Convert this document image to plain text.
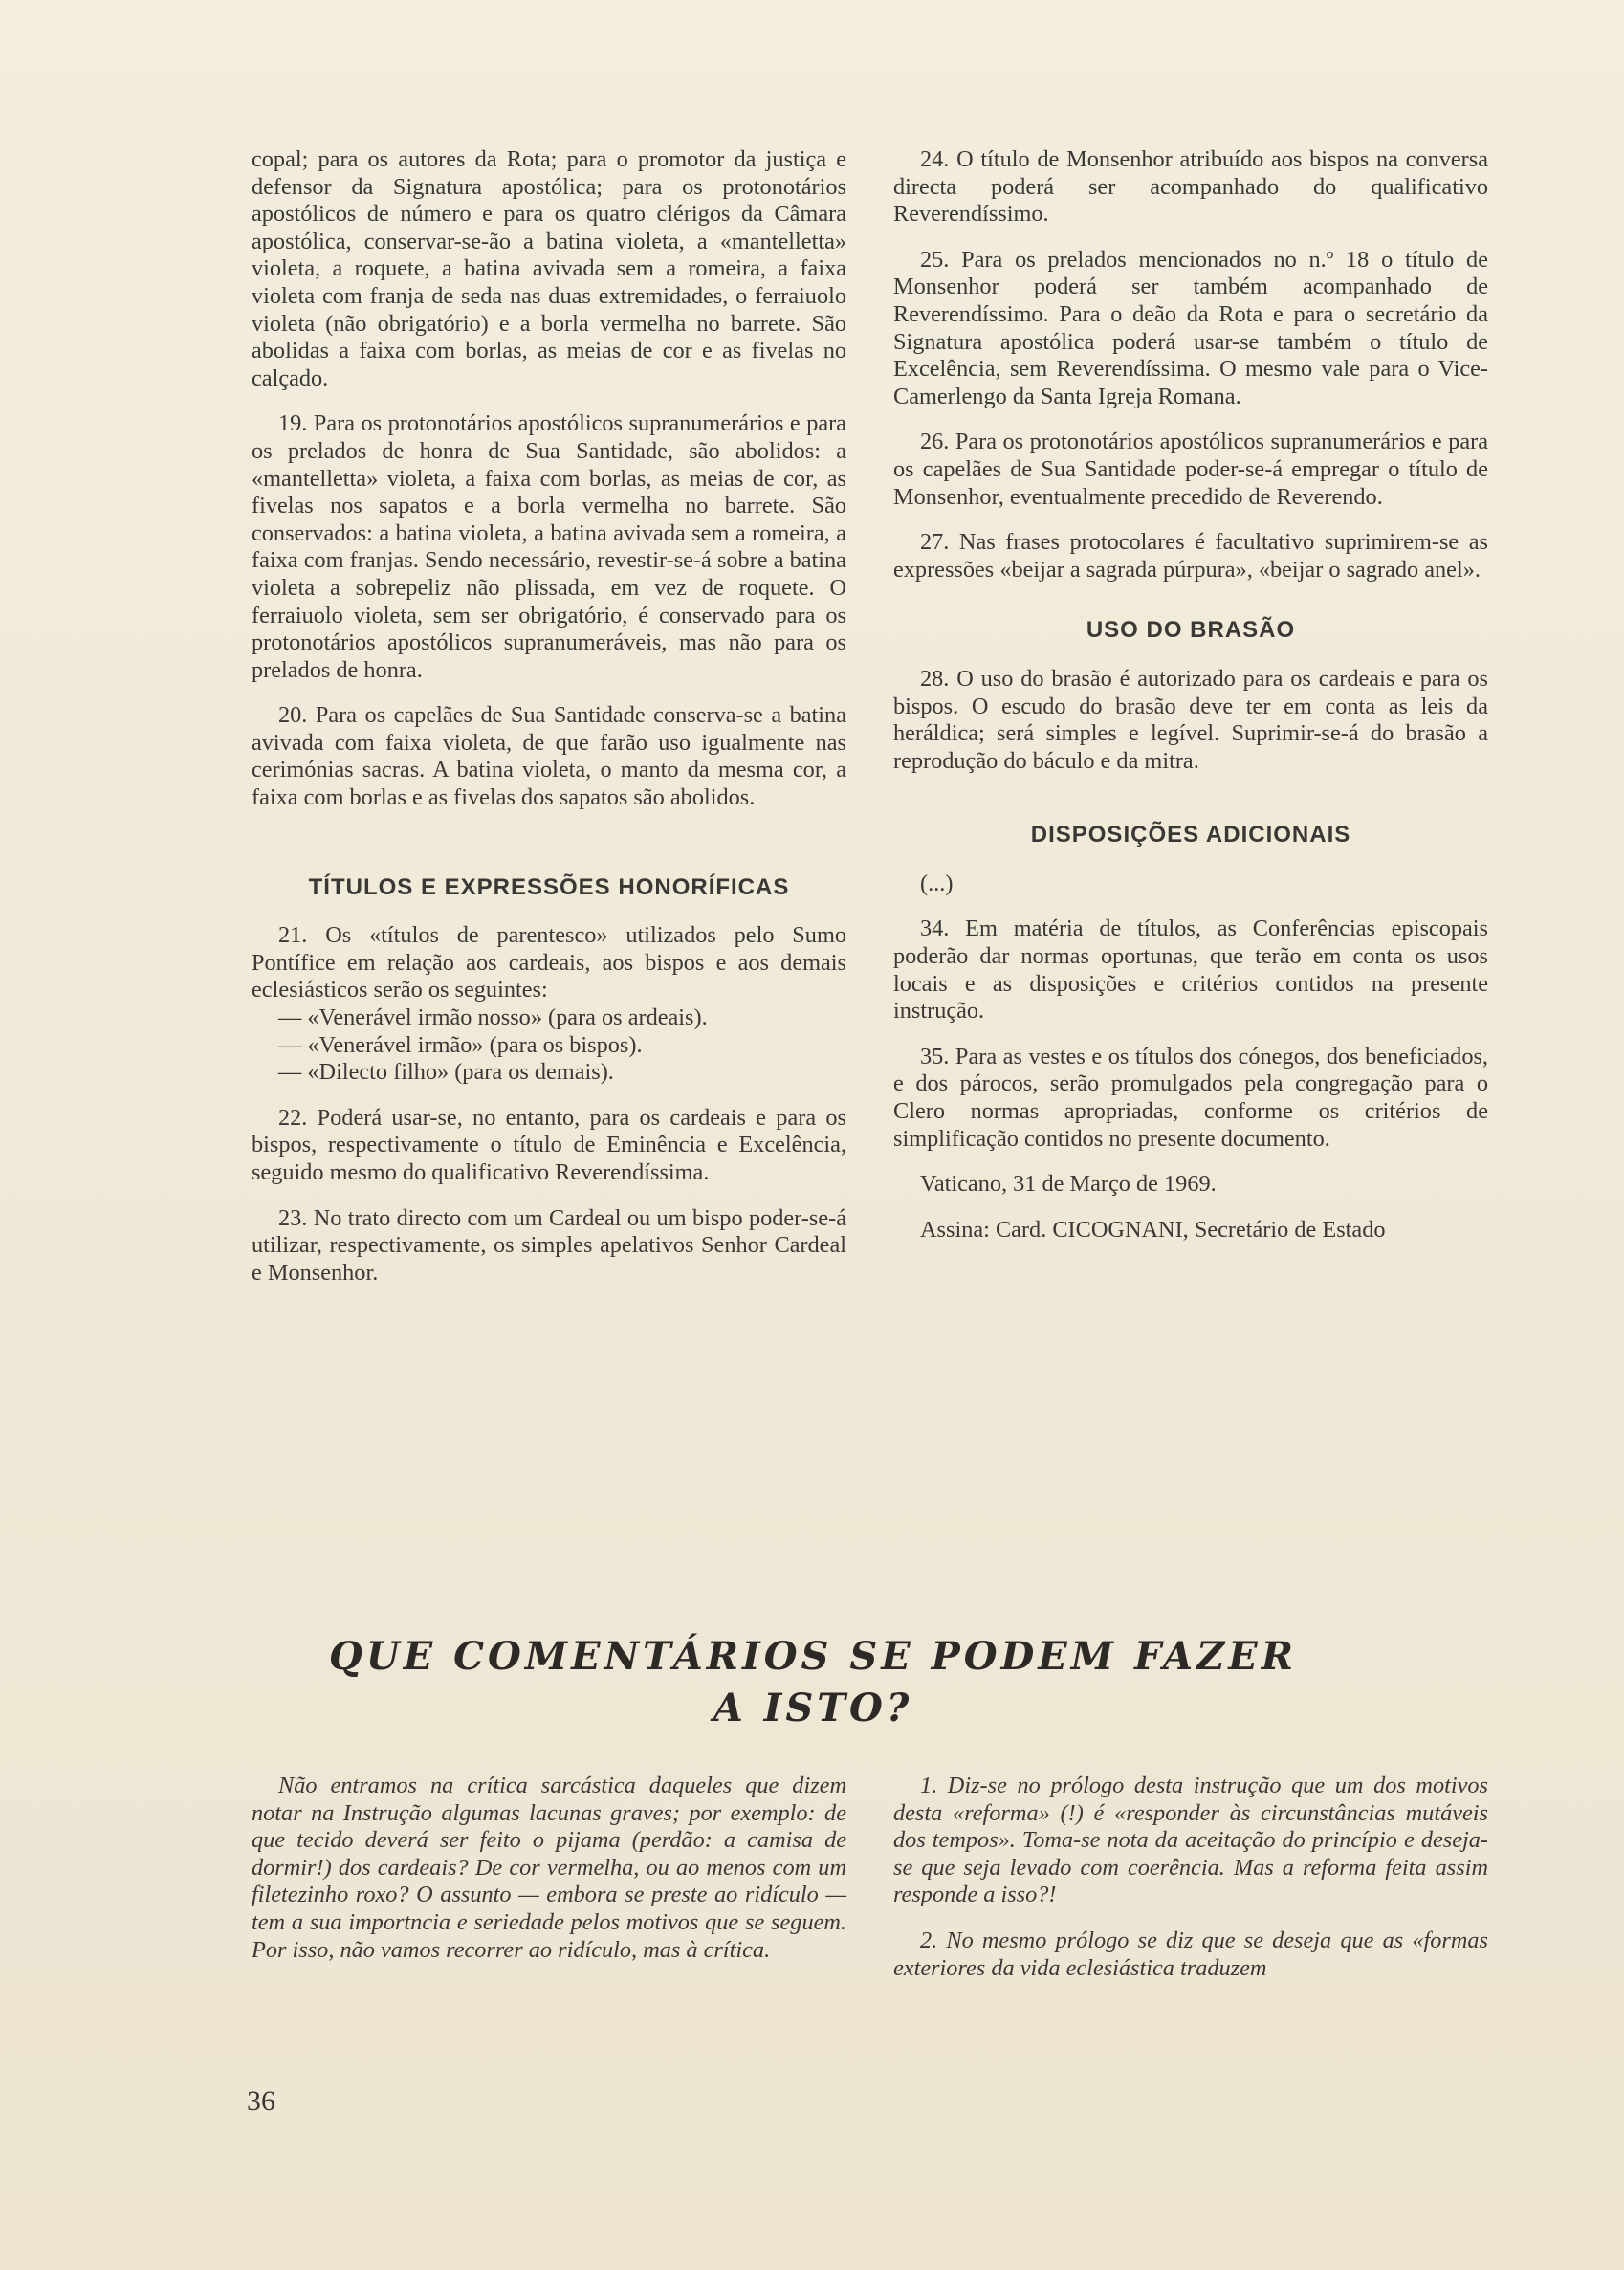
copal; para os autores da Rota; para o promotor da justiça e defensor da Signatura apostólica; para os protonotários apostólicos de número e para os quatro clérigos da Câmara apostólica, conservar-se-ão a batina violeta, a «mantelletta» violeta, a roquete, a batina avivada sem a romeira, a faixa violeta com franja de seda nas duas extremidades, o ferraiuolo violeta (não obrigatório) e a borla vermelha no barrete. São abolidas a faixa com borlas, as meias de cor e as fivelas no calçado.

19. Para os protonotários apostólicos supranumerários e para os prelados de honra de Sua Santidade, são abolidos: a «mantelletta» violeta, a faixa com borlas, as meias de cor, as fivelas nos sapatos e a borla vermelha no barrete. São conservados: a batina violeta, a batina avivada sem a romeira, a faixa com franjas. Sendo necessário, revestir-se-á sobre a batina violeta a sobrepeliz não plissada, em vez de roquete. O ferraiuolo violeta, sem ser obrigatório, é conservado para os protonotários apostólicos supranumeráveis, mas não para os prelados de honra.

20. Para os capelães de Sua Santidade conserva-se a batina avivada com faixa violeta, de que farão uso igualmente nas cerimónias sacras. A batina violeta, o manto da mesma cor, a faixa com borlas e as fivelas dos sapatos são abolidos.

TÍTULOS E EXPRESSÕES HONORÍFICAS

21. Os «títulos de parentesco» utilizados pelo Sumo Pontífice em relação aos cardeais, aos bispos e aos demais eclesiásticos serão os seguintes:

— «Venerável irmão nosso» (para os ardeais).

— «Venerável irmão» (para os bispos).

— «Dilecto filho» (para os demais).

22. Poderá usar-se, no entanto, para os cardeais e para os bispos, respectivamente o título de Eminência e Excelência, seguido mesmo do qualificativo Reverendíssima.

23. No trato directo com um Cardeal ou um bispo poder-se-á utilizar, respectivamente, os simples apelativos Senhor Cardeal e Monsenhor.

24. O título de Monsenhor atribuído aos bispos na conversa directa poderá ser acompanhado do qualificativo Reverendíssimo.

25. Para os prelados mencionados no n.º 18 o título de Monsenhor poderá ser também acompanhado de Reverendíssimo. Para o deão da Rota e para o secretário da Signatura apostólica poderá usar-se também o título de Excelência, sem Reverendíssima. O mesmo vale para o Vice-Camerlengo da Santa Igreja Romana.

26. Para os protonotários apostólicos supranumerários e para os capelães de Sua Santidade poder-se-á empregar o título de Monsenhor, eventualmente precedido de Reverendo.

27. Nas frases protocolares é facultativo suprimirem-se as expressões «beijar a sagrada púrpura», «beijar o sagrado anel».

USO DO BRASÃO

28. O uso do brasão é autorizado para os cardeais e para os bispos. O escudo do brasão deve ter em conta as leis da heráldica; será simples e legível. Suprimir-se-á do brasão a reprodução do báculo e da mitra.

DISPOSIÇÕES ADICIONAIS

(...)

34. Em matéria de títulos, as Conferências episcopais poderão dar normas oportunas, que terão em conta os usos locais e as disposições e critérios contidos na presente instrução.

35. Para as vestes e os títulos dos cónegos, dos beneficiados, e dos párocos, serão promulgados pela congregação para o Clero normas apropriadas, conforme os critérios de simplificação contidos no presente documento.

Vaticano, 31 de Março de 1969.

Assina: Card. CICOGNANI, Secretário de Estado

QUE COMENTÁRIOS SE PODEM FAZER
A ISTO?

Não entramos na crítica sarcástica daqueles que dizem notar na Instrução algumas lacunas graves; por exemplo: de que tecido deverá ser feito o pijama (perdão: a camisa de dormir!) dos cardeais? De cor vermelha, ou ao menos com um filetezinho roxo? O assunto — embora se preste ao ridículo — tem a sua importncia e seriedade pelos motivos que se seguem. Por isso, não vamos recorrer ao ridículo, mas à crítica.

1. Diz-se no prólogo desta instrução que um dos motivos desta «reforma» (!) é «responder às circunstâncias mutáveis dos tempos». Toma-se nota da aceitação do princípio e deseja-se que seja levado com coerência. Mas a reforma feita assim responde a isso?!

2. No mesmo prólogo se diz que se deseja que as «formas exteriores da vida eclesiástica traduzem

36
